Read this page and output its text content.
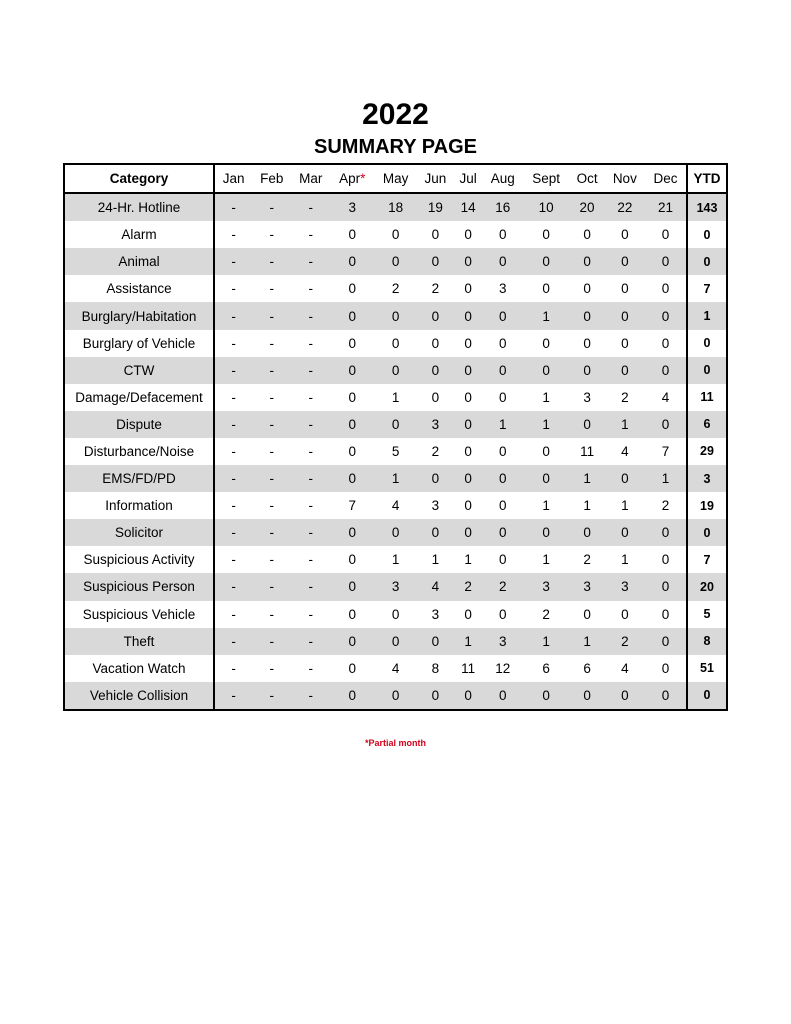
2022
SUMMARY PAGE
Category	Jan	Feb	Mar	Apr*	May	Jun	Jul	Aug	Sept	Oct	Nov	Dec	YTD
24-Hr. Hotline	-	-	-	3	18	19	14	16	10	20	22	21	143
Alarm	-	-	-	0	0	0	0	0	0	0	0	0	0
Animal	-	-	-	0	0	0	0	0	0	0	0	0	0
Assistance	-	-	-	0	2	2	0	3	0	0	0	0	7
Burglary/Habitation	-	-	-	0	0	0	0	0	1	0	0	0	1
Burglary of Vehicle	-	-	-	0	0	0	0	0	0	0	0	0	0
CTW	-	-	-	0	0	0	0	0	0	0	0	0	0
Damage/Defacement	-	-	-	0	1	0	0	0	1	3	2	4	11
Dispute	-	-	-	0	0	3	0	1	1	0	1	0	6
Disturbance/Noise	-	-	-	0	5	2	0	0	0	11	4	7	29
EMS/FD/PD	-	-	-	0	1	0	0	0	0	1	0	1	3
Information	-	-	-	7	4	3	0	0	1	1	1	2	19
Solicitor	-	-	-	0	0	0	0	0	0	0	0	0	0
Suspicious Activity	-	-	-	0	1	1	1	0	1	2	1	0	7
Suspicious Person	-	-	-	0	3	4	2	2	3	3	3	0	20
Suspicious Vehicle	-	-	-	0	0	3	0	0	2	0	0	0	5
Theft	-	-	-	0	0	0	1	3	1	1	2	0	8
Vacation Watch	-	-	-	0	4	8	11	12	6	6	4	0	51
Vehicle Collision	-	-	-	0	0	0	0	0	0	0	0	0	0
*Partial month
